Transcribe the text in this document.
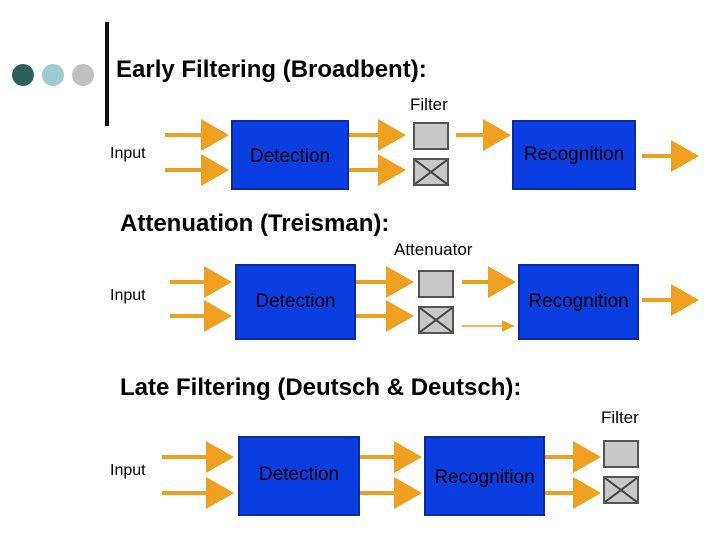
Early Filtering (Broadbent):
Filter
Input	Detection	Recognition
Attenuation (Treisman):
Attenuator
Input	Detection	Recognition
Late Filtering (Deutsch & Deutsch):
Filter
Input	Detection	Recognition
